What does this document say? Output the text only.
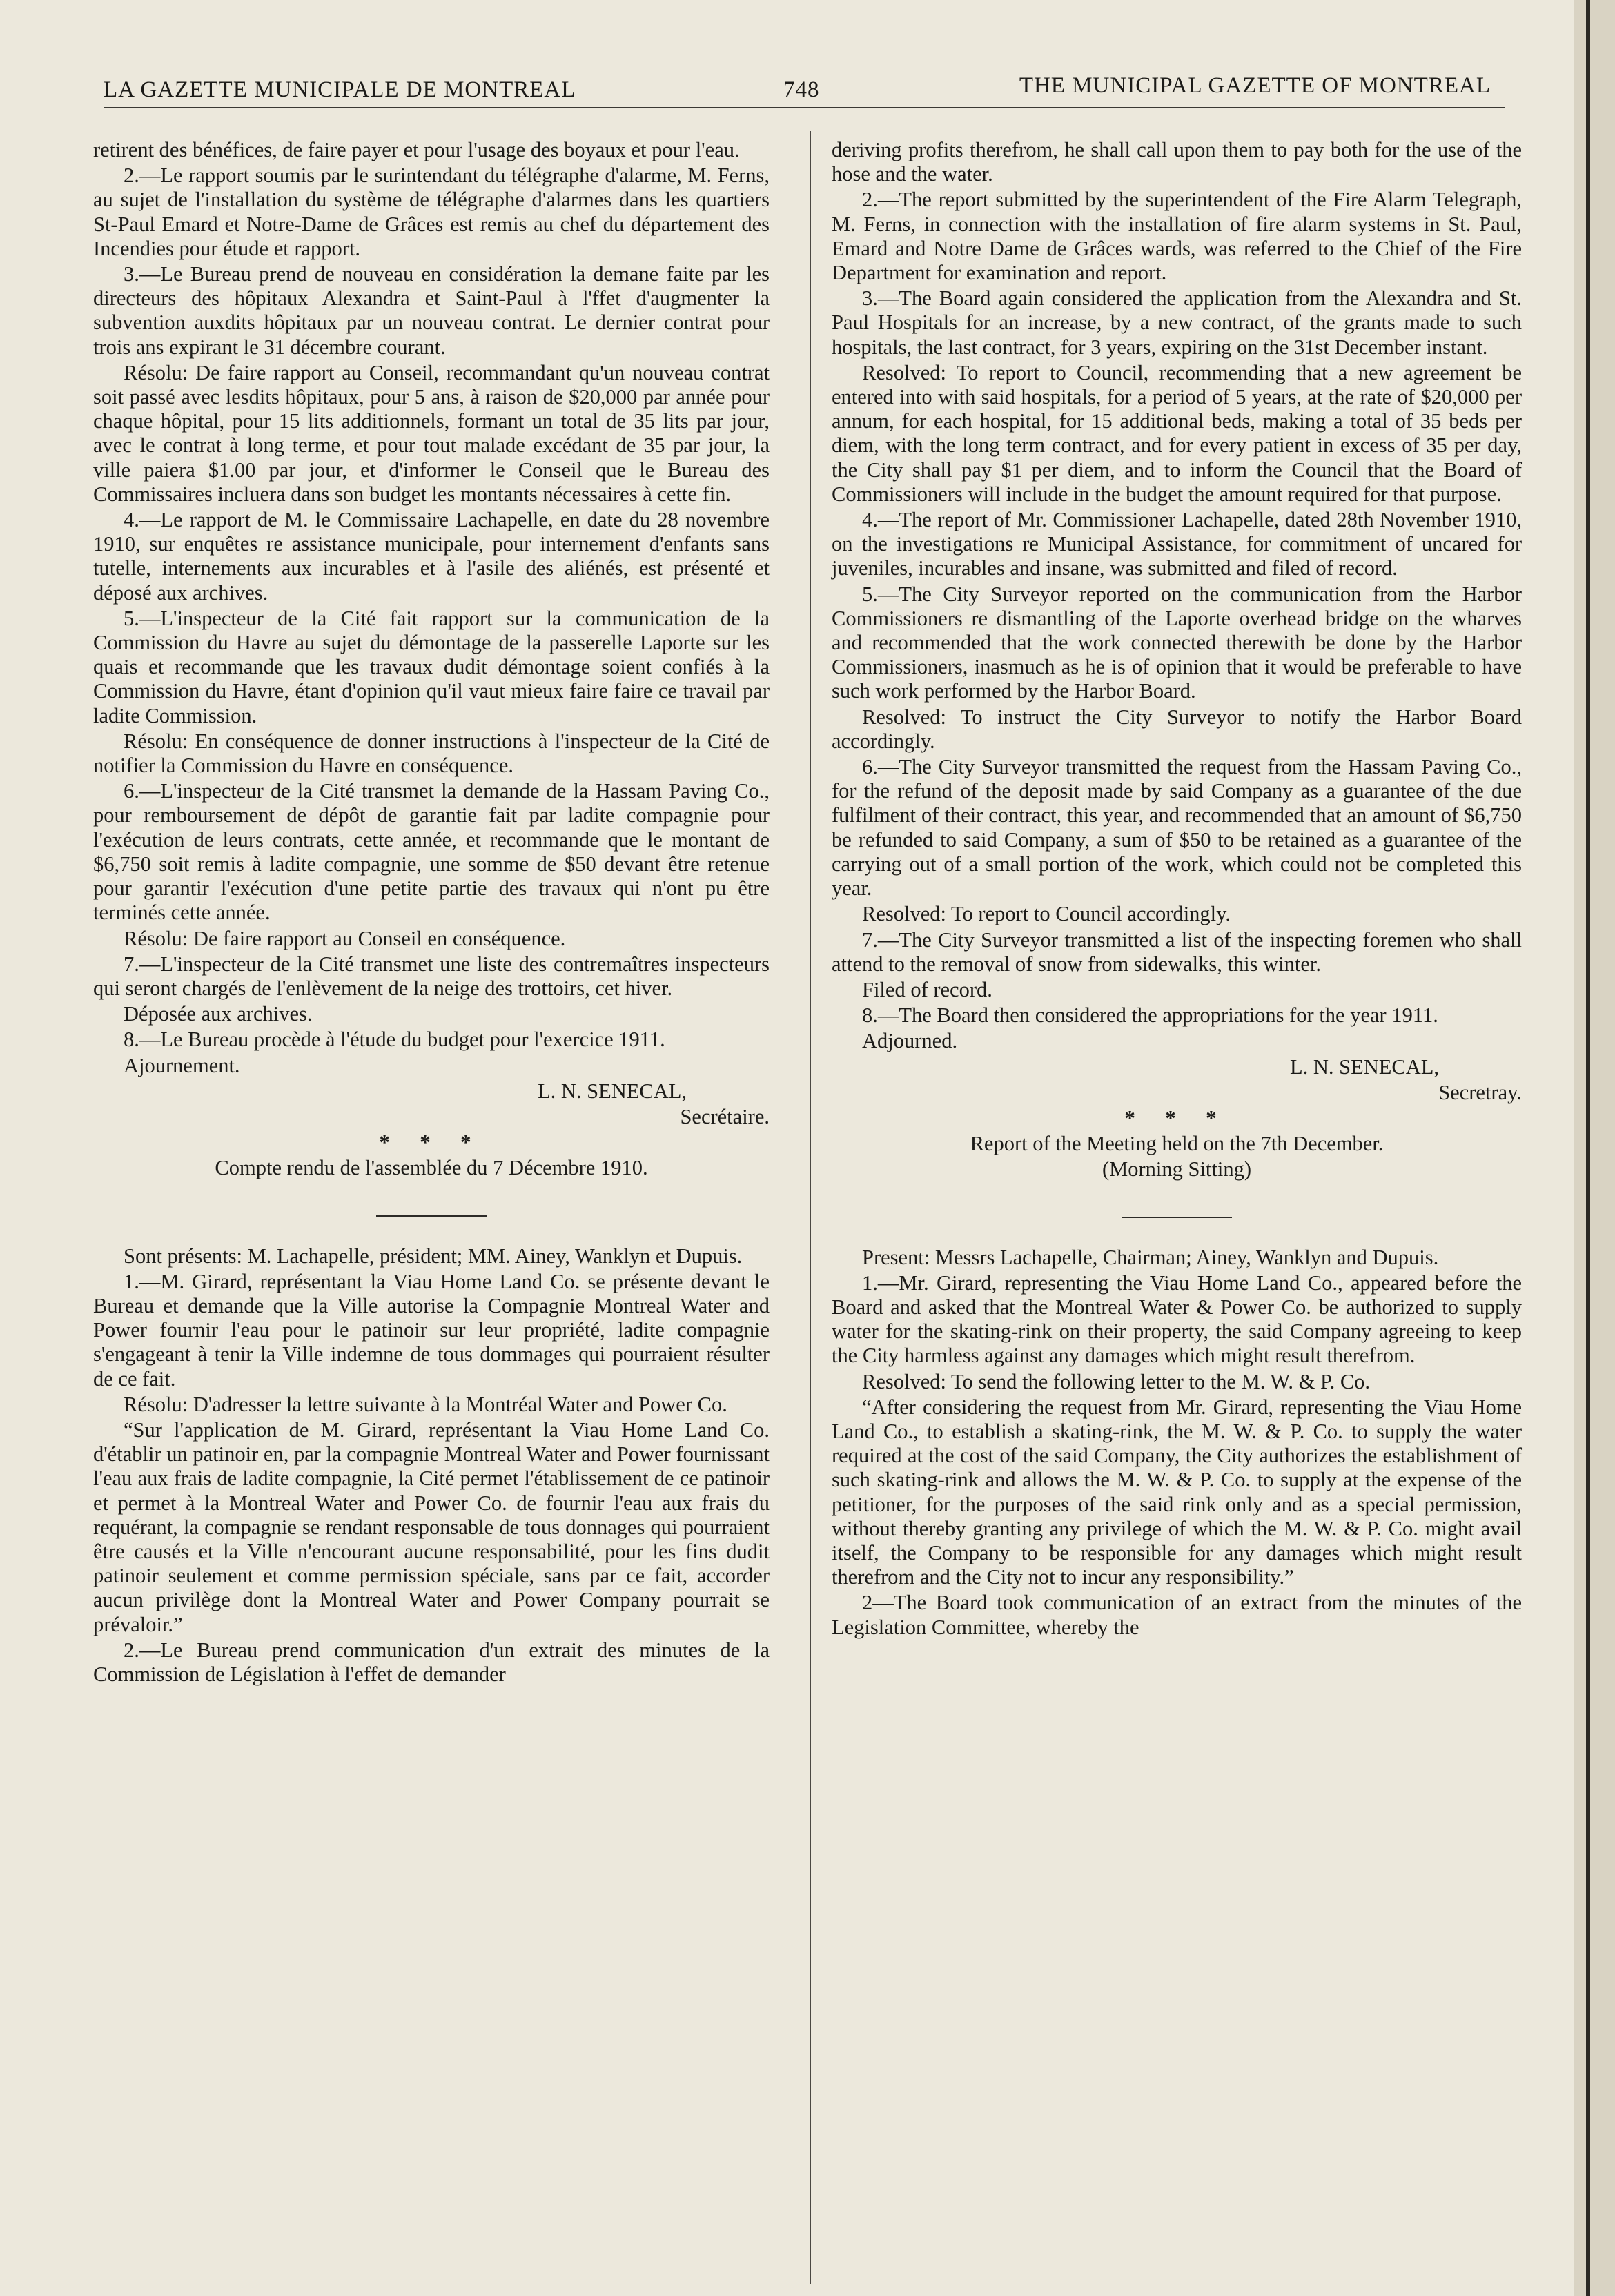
LA GAZETTE MUNICIPALE DE MONTREAL	748	THE MUNICIPAL GAZETTE OF MONTREAL

retirent des bénéfices, de faire payer et pour l'usage des boyaux et pour l'eau.

2.—Le rapport soumis par le surintendant du télégraphe d'alarme, M. Ferns, au sujet de l'installation du système de télégraphe d'alarmes dans les quartiers St-Paul Emard et Notre-Dame de Grâces est remis au chef du département des Incendies pour étude et rapport.

3.—Le Bureau prend de nouveau en considération la demane faite par les directeurs des hôpitaux Alexandra et Saint-Paul à l'ffet d'augmenter la subvention auxdits hôpitaux par un nouveau contrat. Le dernier contrat pour trois ans expirant le 31 décembre courant.

Résolu: De faire rapport au Conseil, recommandant qu'un nouveau contrat soit passé avec lesdits hôpitaux, pour 5 ans, à raison de $20,000 par année pour chaque hôpital, pour 15 lits additionnels, formant un total de 35 lits par jour, avec le contrat à long terme, et pour tout malade excédant de 35 par jour, la ville paiera $1.00 par jour, et d'informer le Conseil que le Bureau des Commissaires incluera dans son budget les montants nécessaires à cette fin.

4.—Le rapport de M. le Commissaire Lachapelle, en date du 28 novembre 1910, sur enquêtes re assistance municipale, pour internement d'enfants sans tutelle, internements aux incurables et à l'asile des aliénés, est présenté et déposé aux archives.

5.—L'inspecteur de la Cité fait rapport sur la communication de la Commission du Havre au sujet du démontage de la passerelle Laporte sur les quais et recommande que les travaux dudit démontage soient confiés à la Commission du Havre, étant d'opinion qu'il vaut mieux faire faire ce travail par ladite Commission.

Résolu: En conséquence de donner instructions à l'inspecteur de la Cité de notifier la Commission du Havre en conséquence.

6.—L'inspecteur de la Cité transmet la demande de la Hassam Paving Co., pour remboursement de dépôt de garantie fait par ladite compagnie pour l'exécution de leurs contrats, cette année, et recommande que le montant de $6,750 soit remis à ladite compagnie, une somme de $50 devant être retenue pour garantir l'exécution d'une petite partie des travaux qui n'ont pu être terminés cette année.

Résolu: De faire rapport au Conseil en conséquence.

7.—L'inspecteur de la Cité transmet une liste des contremaîtres inspecteurs qui seront chargés de l'enlèvement de la neige des trottoirs, cet hiver.

Déposée aux archives.

8.—Le Bureau procède à l'étude du budget pour l'exercice 1911.

Ajournement.

L. N. SENECAL,

Secrétaire.

* * *

Compte rendu de l'assemblée du 7 Décembre 1910.

Sont présents: M. Lachapelle, président; MM. Ainey, Wanklyn et Dupuis.

1.—M. Girard, représentant la Viau Home Land Co. se présente devant le Bureau et demande que la Ville autorise la Compagnie Montreal Water and Power fournir l'eau pour le patinoir sur leur propriété, ladite compagnie s'engageant à tenir la Ville indemne de tous dommages qui pourraient résulter de ce fait.

Résolu: D'adresser la lettre suivante à la Montréal Water and Power Co.

“Sur l'application de M. Girard, représentant la Viau Home Land Co. d'établir un patinoir en, par la compagnie Montreal Water and Power fournissant l'eau aux frais de ladite compagnie, la Cité permet l'établissement de ce patinoir et permet à la Montreal Water and Power Co. de fournir l'eau aux frais du requérant, la compagnie se rendant responsable de tous donnages qui pourraient être causés et la Ville n'encourant aucune responsabilité, pour les fins dudit patinoir seulement et comme permission spéciale, sans par ce fait, accorder aucun privilège dont la Montreal Water and Power Company pourrait se prévaloir.”

2.—Le Bureau prend communication d'un extrait des minutes de la Commission de Législation à l'effet de demander

deriving profits therefrom, he shall call upon them to pay both for the use of the hose and the water.

2.—The report submitted by the superintendent of the Fire Alarm Telegraph, M. Ferns, in connection with the installation of fire alarm systems in St. Paul, Emard and Notre Dame de Grâces wards, was referred to the Chief of the Fire Department for examination and report.

3.—The Board again considered the application from the Alexandra and St. Paul Hospitals for an increase, by a new contract, of the grants made to such hospitals, the last contract, for 3 years, expiring on the 31st December instant.

Resolved: To report to Council, recommending that a new agreement be entered into with said hospitals, for a period of 5 years, at the rate of $20,000 per annum, for each hospital, for 15 additional beds, making a total of 35 beds per diem, with the long term contract, and for every patient in excess of 35 per day, the City shall pay $1 per diem, and to inform the Council that the Board of Commissioners will include in the budget the amount required for that purpose.

4.—The report of Mr. Commissioner Lachapelle, dated 28th November 1910, on the investigations re Municipal Assistance, for commitment of uncared for juveniles, incurables and insane, was submitted and filed of record.

5.—The City Surveyor reported on the communication from the Harbor Commissioners re dismantling of the Laporte overhead bridge on the wharves and recommended that the work connected therewith be done by the Harbor Commissioners, inasmuch as he is of opinion that it would be preferable to have such work performed by the Harbor Board.

Resolved: To instruct the City Surveyor to notify the Harbor Board accordingly.

6.—The City Surveyor transmitted the request from the Hassam Paving Co., for the refund of the deposit made by said Company as a guarantee of the due fulfilment of their contract, this year, and recommended that an amount of $6,750 be refunded to said Company, a sum of $50 to be retained as a guarantee of the carrying out of a small portion of the work, which could not be completed this year.

Resolved: To report to Council accordingly.

7.—The City Surveyor transmitted a list of the inspecting foremen who shall attend to the removal of snow from sidewalks, this winter.

Filed of record.

8.—The Board then considered the appropriations for the year 1911.

Adjourned.

L. N. SENECAL,

Secretray.

* * *

Report of the Meeting held on the 7th December.

(Morning Sitting)

Present: Messrs Lachapelle, Chairman; Ainey, Wanklyn and Dupuis.

1.—Mr. Girard, representing the Viau Home Land Co., appeared before the Board and asked that the Montreal Water & Power Co. be authorized to supply water for the skating-rink on their property, the said Company agreeing to keep the City harmless against any damages which might result therefrom.

Resolved: To send the following letter to the M. W. & P. Co.

“After considering the request from Mr. Girard, representing the Viau Home Land Co., to establish a skating-rink, the M. W. & P. Co. to supply the water required at the cost of the said Company, the City authorizes the establishment of such skating-rink and allows the M. W. & P. Co. to supply at the expense of the petitioner, for the purposes of the said rink only and as a special permission, without thereby granting any privilege of which the M. W. & P. Co. might avail itself, the Company to be responsible for any damages which might result therefrom and the City not to incur any responsibility.”

2—The Board took communication of an extract from the minutes of the Legislation Committee, whereby the
